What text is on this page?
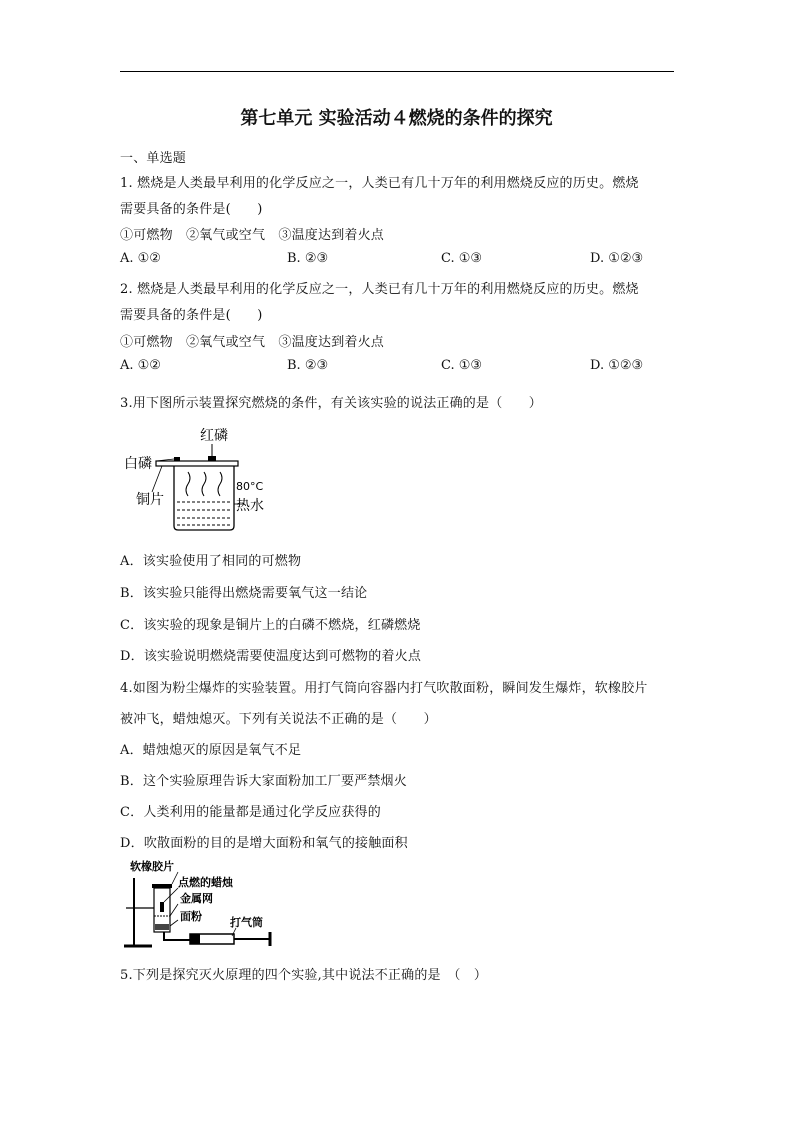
第七单元 实验活动４燃烧的条件的探究
一、单选题
1. 燃烧是人类最早利用的化学反应之一，人类已有几十万年的利用燃烧反应的历史。燃烧
需要具备的条件是(　　)
①可燃物　②氧气或空气　③温度达到着火点
A. ①②	B. ②③	C. ①③	D. ①②③
2. 燃烧是人类最早利用的化学反应之一，人类已有几十万年的利用燃烧反应的历史。燃烧
需要具备的条件是(　　)
①可燃物　②氧气或空气　③温度达到着火点
A. ①②	B. ②③	C. ①③	D. ①②③
3.用下图所示装置探究燃烧的条件，有关该实验的说法正确的是（　　）
红磷
白磷
铜片
80°C
热水
A．该实验使用了相同的可燃物
B．该实验只能得出燃烧需要氧气这一结论
C．该实验的现象是铜片上的白磷不燃烧，红磷燃烧
D．该实验说明燃烧需要使温度达到可燃物的着火点
4.如图为粉尘爆炸的实验装置。用打气筒向容器内打气吹散面粉，瞬间发生爆炸，软橡胶片
被冲飞，蜡烛熄灭。下列有关说法不正确的是（　　）
A．蜡烛熄灭的原因是氧气不足
B．这个实验原理告诉大家面粉加工厂要严禁烟火
C．人类利用的能量都是通过化学反应获得的
D．吹散面粉的目的是增大面粉和氧气的接触面积
软橡胶片
点燃的蜡烛
金属网
面粉	打气筒
5.下列是探究灭火原理的四个实验,其中说法不正确的是　（　）
